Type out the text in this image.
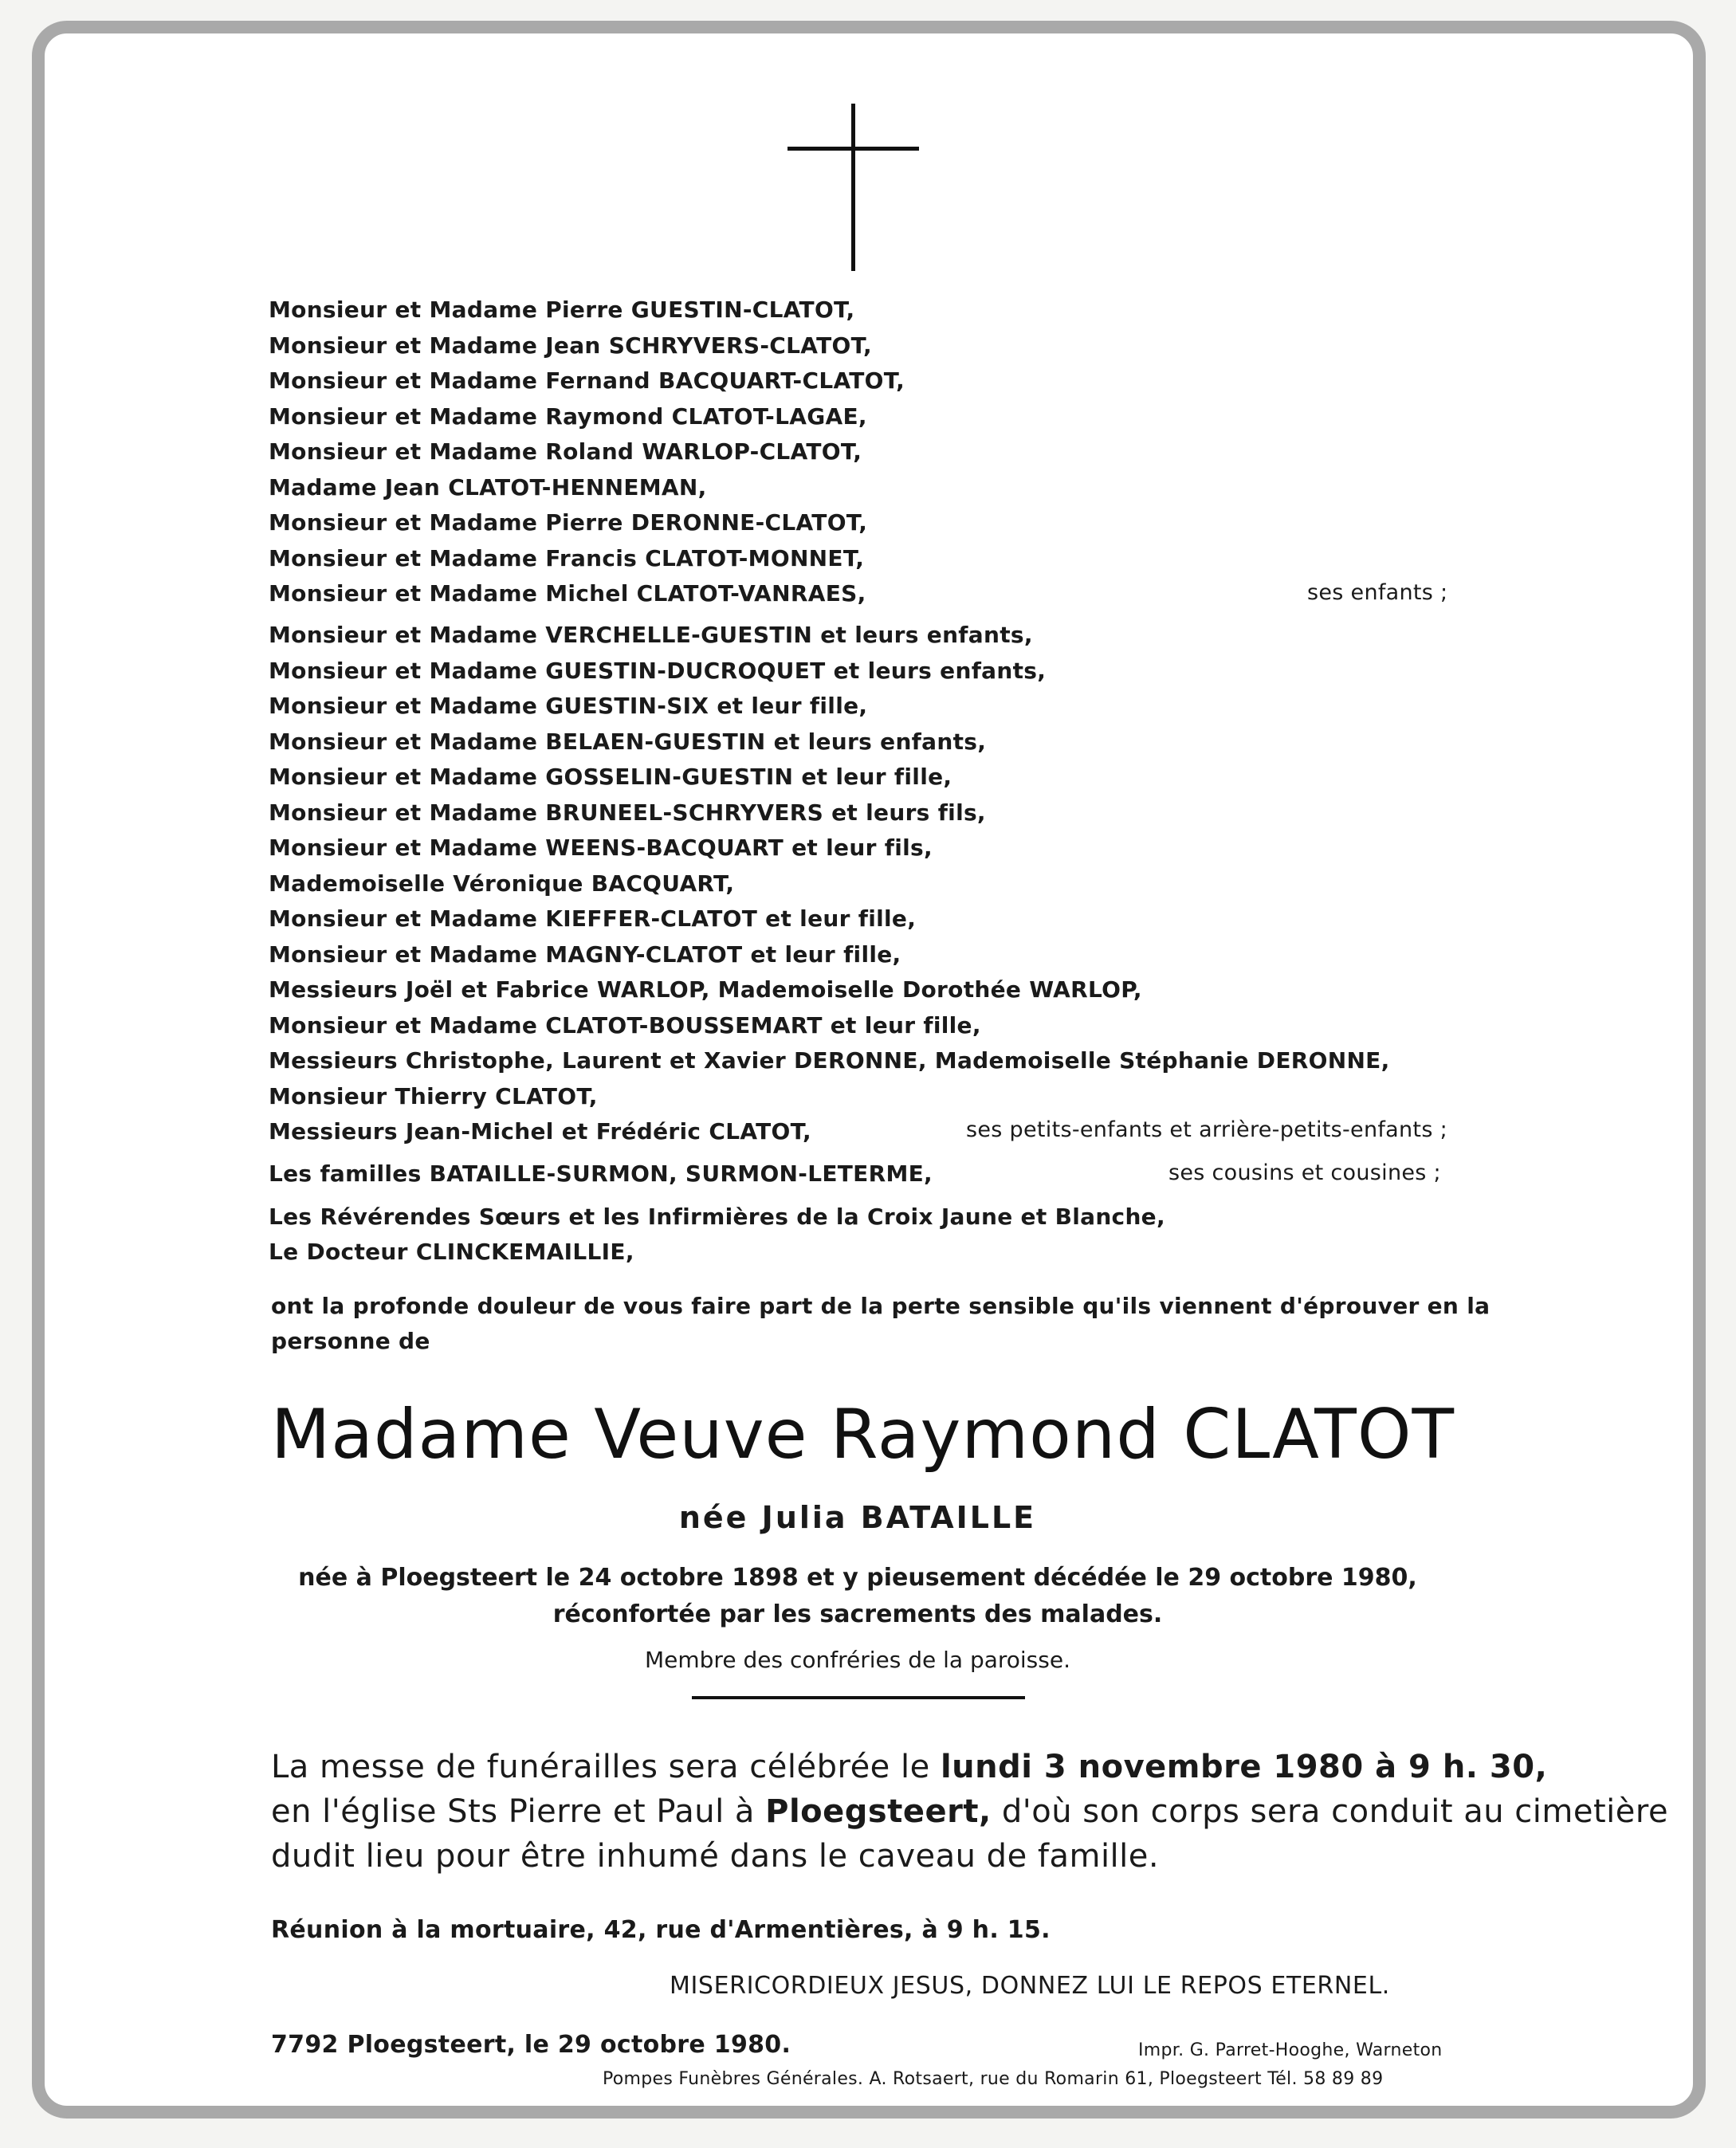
Monsieur et Madame Pierre GUESTIN-CLATOT,
Monsieur et Madame Jean SCHRYVERS-CLATOT,
Monsieur et Madame Fernand BACQUART-CLATOT,
Monsieur et Madame Raymond CLATOT-LAGAE,
Monsieur et Madame Roland WARLOP-CLATOT,
Madame Jean CLATOT-HENNEMAN,
Monsieur et Madame Pierre DERONNE-CLATOT,
Monsieur et Madame Francis CLATOT-MONNET,
Monsieur et Madame Michel CLATOT-VANRAES,	ses enfants ;
Monsieur et Madame VERCHELLE-GUESTIN et leurs enfants,
Monsieur et Madame GUESTIN-DUCROQUET et leurs enfants,
Monsieur et Madame GUESTIN-SIX et leur fille,
Monsieur et Madame BELAEN-GUESTIN et leurs enfants,
Monsieur et Madame GOSSELIN-GUESTIN et leur fille,
Monsieur et Madame BRUNEEL-SCHRYVERS et leurs fils,
Monsieur et Madame WEENS-BACQUART et leur fils,
Mademoiselle Véronique BACQUART,
Monsieur et Madame KIEFFER-CLATOT et leur fille,
Monsieur et Madame MAGNY-CLATOT et leur fille,
Messieurs Joël et Fabrice WARLOP, Mademoiselle Dorothée WARLOP,
Monsieur et Madame CLATOT-BOUSSEMART et leur fille,
Messieurs Christophe, Laurent et Xavier DERONNE, Mademoiselle Stéphanie DERONNE,
Monsieur Thierry CLATOT,
Messieurs Jean-Michel et Frédéric CLATOT,	ses petits-enfants et arrière-petits-enfants ;
Les familles BATAILLE-SURMON, SURMON-LETERME,	ses cousins et cousines ;
Les Révérendes Sœurs et les Infirmières de la Croix Jaune et Blanche,
Le Docteur CLINCKEMAILLIE,
ont la profonde douleur de vous faire part de la perte sensible qu'ils viennent d'éprouver en la
personne de
Madame Veuve Raymond CLATOT
née Julia BATAILLE
née à Ploegsteert le 24 octobre 1898 et y pieusement décédée le 29 octobre 1980,
réconfortée par les sacrements des malades.
Membre des confréries de la paroisse.
La messe de funérailles sera célébrée le lundi 3 novembre 1980 à 9 h. 30,
en l'église Sts Pierre et Paul à Ploegsteert, d'où son corps sera conduit au cimetière
dudit lieu pour être inhumé dans le caveau de famille.
Réunion à la mortuaire, 42, rue d'Armentières, à 9 h. 15.
MISERICORDIEUX JESUS, DONNEZ LUI LE REPOS ETERNEL.
7792 Ploegsteert, le 29 octobre 1980.	Impr. G. Parret-Hooghe, Warneton
Pompes Funèbres Générales. A. Rotsaert, rue du Romarin 61, Ploegsteert Tél. 58 89 89
